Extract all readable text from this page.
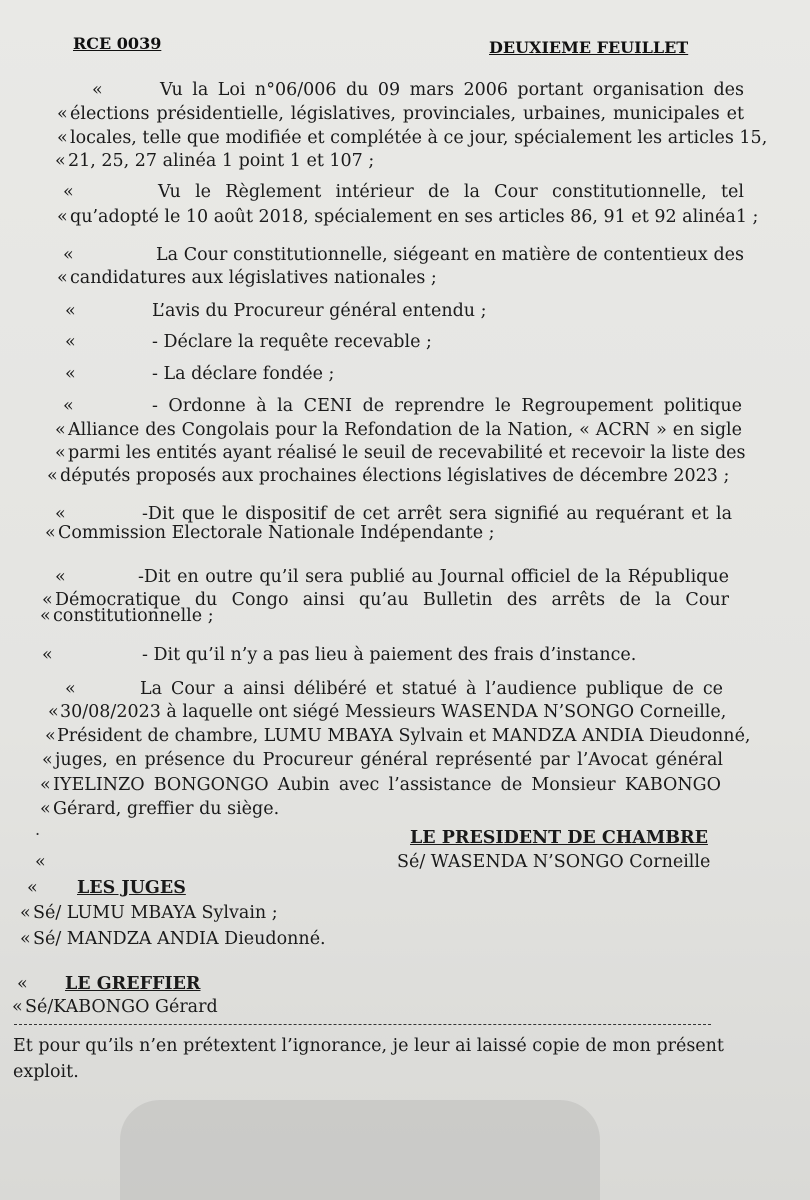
RCE 0039	DEUXIEME FEUILLET
«	Vu la Loi n°06/006 du 09 mars 2006 portant organisation des
« élections présidentielle, législatives, provinciales, urbaines, municipales et
« locales, telle que modifiée et complétée à ce jour, spécialement les articles 15,
« 21, 25, 27 alinéa 1 point 1 et 107 ;
«	Vu le Règlement intérieur de la Cour constitutionnelle, tel
« qu’adopté le 10 août 2018, spécialement en ses articles 86, 91 et 92 alinéa1 ;
«	La Cour constitutionnelle, siégeant en matière de contentieux des
« candidatures aux législatives nationales ;
«	L’avis du Procureur général entendu ;
«	- Déclare la requête recevable ;
«	- La déclare fondée ;
«	- Ordonne à la CENI de reprendre le Regroupement politique
« Alliance des Congolais pour la Refondation de la Nation, « ACRN » en sigle
« parmi les entités ayant réalisé le seuil de recevabilité et recevoir la liste des
« députés proposés aux prochaines élections législatives de décembre 2023 ;
«	-Dit que le dispositif de cet arrêt sera signifié au requérant et la
« Commission Electorale Nationale Indépendante ;
«	-Dit en outre qu’il sera publié au Journal officiel de la République
« Démocratique du Congo ainsi qu’au Bulletin des arrêts de la Cour
« constitutionnelle ;
«	- Dit qu’il n’y a pas lieu à paiement des frais d’instance.
«	La Cour a ainsi délibéré et statué à l’audience publique de ce
« 30/08/2023 à laquelle ont siégé Messieurs WASENDA N’SONGO Corneille,
« Président de chambre, LUMU MBAYA Sylvain et MANDZA ANDIA Dieudonné,
« juges, en présence du Procureur général représenté par l’Avocat général
« IYELINZO BONGONGO Aubin avec l’assistance de Monsieur KABONGO
« Gérard, greffier du siège.
.	LE PRESIDENT DE CHAMBRE
«	Sé/ WASENDA N’SONGO Corneille
« LES JUGES
« Sé/ LUMU MBAYA Sylvain ;
« Sé/ MANDZA ANDIA Dieudonné.
« LE GREFFIER
« Sé/KABONGO Gérard
Et pour qu’ils n’en prétextent l’ignorance, je leur ai laissé copie de mon présent
exploit.
